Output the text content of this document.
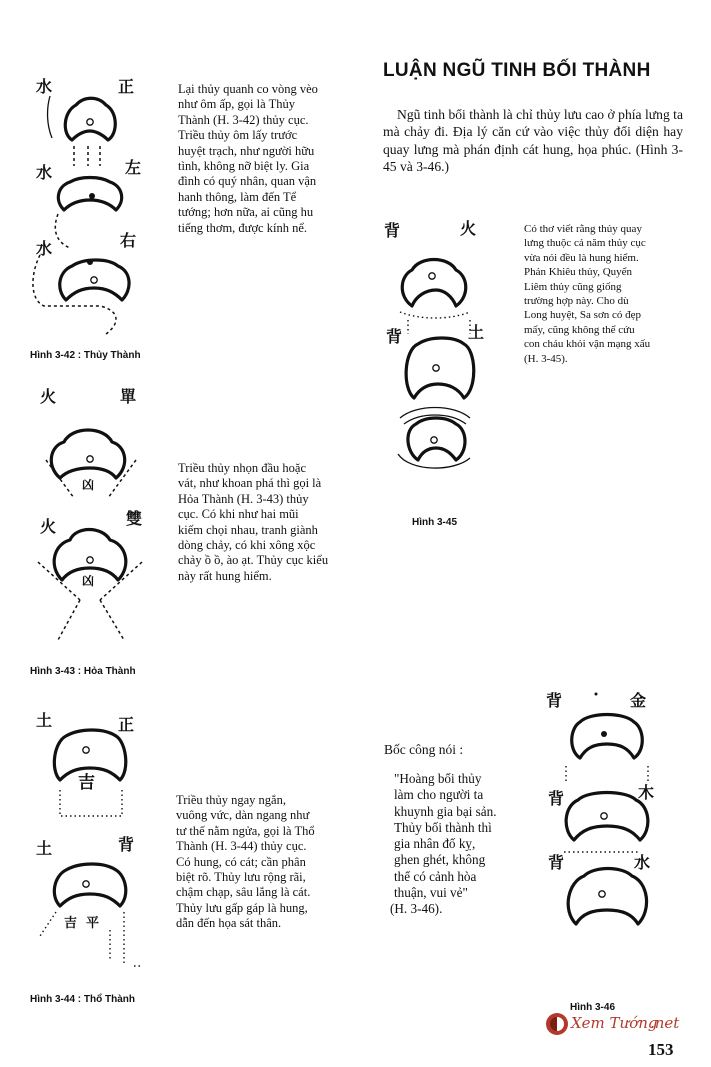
水	正
水	左
水	右
Hình 3-42 : Thủy Thành
Lại thủy quanh co vòng vèo
như ôm ấp, gọi là Thủy
Thành (H. 3-42) thủy cục.
Triều thủy ôm lấy trước
huyệt trạch, như người hữu
tình, không nỡ biệt ly. Gia
đình có quý nhân, quan vận
hanh thông, làm đến Tể
tướng; hơn nữa, ai cũng hu
tiếng thơm, được kính nể.
火	單
火	雙
凶
凶
Hình 3-43 : Hỏa Thành
Triều thủy nhọn đầu hoặc
vát, như khoan phá thì gọi là
Hỏa Thành (H. 3-43) thủy
cục. Có khi như hai mũi
kiếm chọi nhau, tranh giành
dòng chảy, có khi xông xộc
chảy ồ ồ, ào ạt. Thủy cục kiểu
này rất hung hiểm.
土	正
土	背
吉
吉 平
Hình 3-44 : Thổ Thành
Triều thủy ngay ngắn,
vuông vức, dàn ngang như
tư thế nằm ngửa, gọi là Thổ
Thành (H. 3-44) thủy cục.
Có hung, có cát; cần phân
biệt rõ. Thủy lưu rộng rãi,
chậm chạp, sâu lắng là cát.
Thủy lưu gấp gáp là hung,
dẫn đến họa sát thân.
LUẬN NGŨ TINH BỐI THÀNH
Ngũ tinh bối thành là chỉ thủy lưu cao ở phía lưng ta mà chảy đi. Địa lý căn cứ vào việc thủy đối diện hay quay lưng mà phán định cát hung, họa phúc. (Hình 3-45 và 3-46.)
背	火
背	土
Hình 3-45
Có thơ viết rằng thủy quay
lưng thuộc cả năm thủy cục
vừa nói đều là hung hiểm.
Phản Khiêu thủy, Quyển
Liêm thủy cũng giống
trường hợp này. Cho dù
Long huyệt, Sa sơn có đẹp
mấy, cũng không thể cứu
con cháu khỏi vận mạng xấu
(H. 3-45).
Bốc công nói :
"Hoàng bối thủy
làm cho người ta
khuynh gia bại sản.
Thủy bối thành thì
gia nhân đố kỵ,
ghen ghét, không
thể có cảnh hòa
thuận, vui vẻ"
(H. 3-46).
背	金
背	木
背	水
Hình 3-46
Xem Tướng
.net
153
